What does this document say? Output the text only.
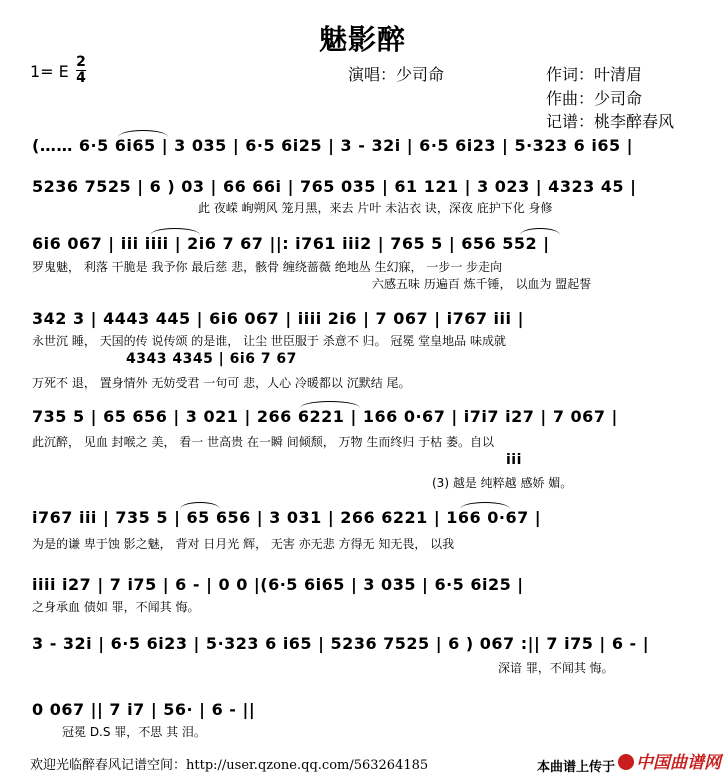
魅影醉
1= E 2
4	演唱：少司命	作词：叶清眉
作曲：少司命
记谱：桃李醉春风
(…… 6·5 6i65 | 3 035 | 6·5 6i25 | 3 - 32i | 6·5 6i23 | 5·323 6 i65 |
5236 7525 | 6 ) 03 | 66 66i | 765 035 | 61 121 | 3 023 | 4323 45 |
此 夜嵘 峋朔风 笼月黑，来去 片叶 未沾衣 诀，深夜 庇护下化 身修
6i6 067 | iii iiii | 2i6 7 67 ||: i761 iii2 | 765 5 | 656 552 |
罗鬼魅， 利落 干脆是 我予你 最后慈 悲，骸骨 缠绕蔷薇 绝地丛 生幻寐， 一步一 步走向
六感五味 历遍百 炼千锤， 以血为 盟起誓
342 3 | 4443 445 | 6i6 067 | iiii 2i6 | 7 067 | i767 iii |
永世沉 睡， 天国的传 说传颂 的是谁， 让尘 世臣服于 杀意不 归。 冠冕 堂皇地品 味成就
4343 4345 | 6i6 7 67
万死不 退， 置身情外 无妨受君 一句可 悲，人心 冷暖都以 沉默结 尾。
735 5 | 65 656 | 3 021 | 266 6221 | 166 0·67 | i7i7 i27 | 7 067 |
此沉醉， 见血 封喉之 美， 看一 世高贵 在一瞬 间倾颓， 万物 生而终归 于枯 萎。自以
iii
(3) 越是 纯粹越 感娇 媚。
i767 iii | 735 5 | 65 656 | 3 031 | 266 6221 | 166 0·67 |
为是的谦 卑于蚀 影之魅， 背对 日月光 辉， 无害 亦无悲 方得无 知无畏， 以我
iiii i27 | 7 i75 | 6 - | 0 0 |(6·5 6i65 | 3 035 | 6·5 6i25 |
之身承血 债如 罪，不闻其 悔。
3 - 32i | 6·5 6i23 | 5·323 6 i65 | 5236 7525 | 6 ) 067 :|| 7 i75 | 6 - |
深谙 罪，不闻其 悔。
0 067 || 7 i7 | 56· | 6 - ||
冠冕 D.S 罪，不思 其 泪。
欢迎光临醉春风记谱空间：http://user.qzone.qq.com/563264185	本曲谱上传于	中国曲谱网
